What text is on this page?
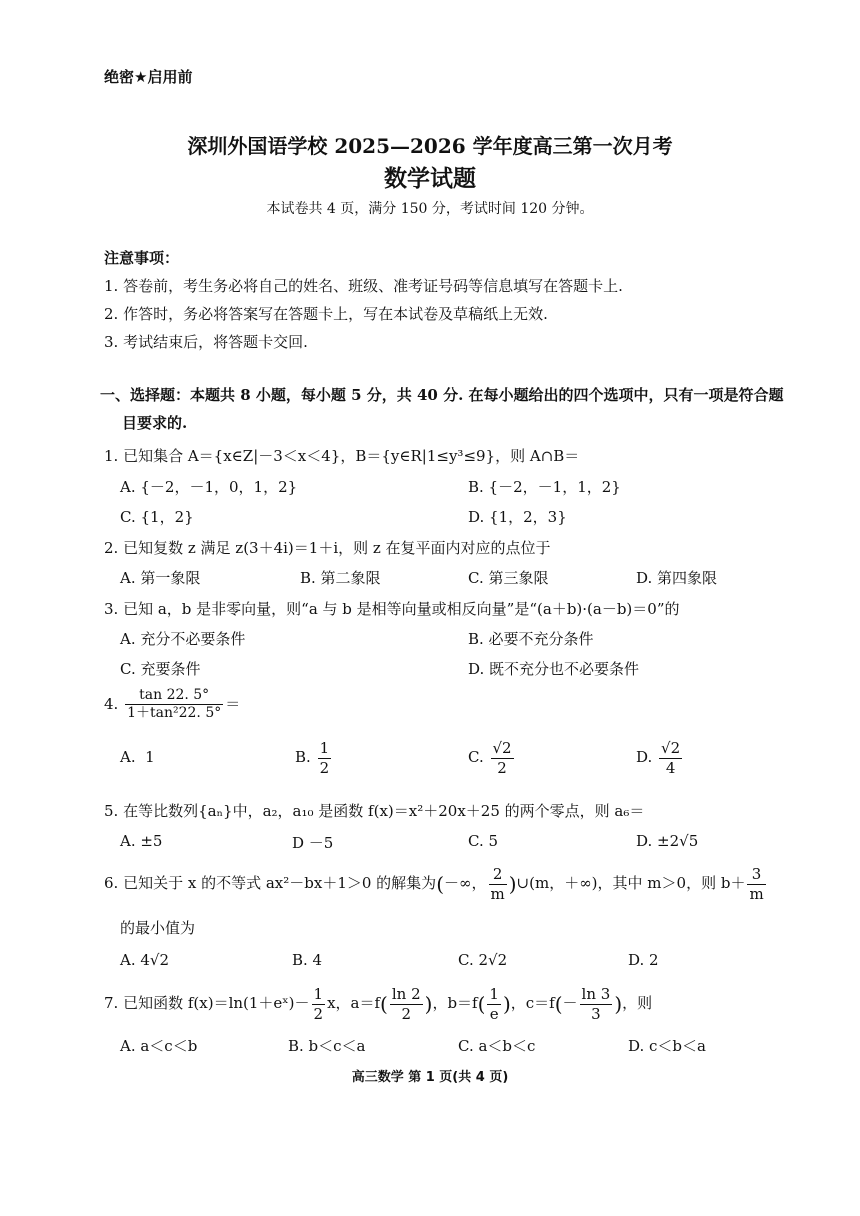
绝密★启用前
深圳外国语学校 2025—2026 学年度高三第一次月考
数学试题
本试卷共 4 页，满分 150 分，考试时间 120 分钟。
注意事项：
1. 答卷前，考生务必将自己的姓名、班级、准考证号码等信息填写在答题卡上.
2. 作答时，务必将答案写在答题卡上，写在本试卷及草稿纸上无效.
3. 考试结束后，将答题卡交回.
一、选择题：本题共 8 小题，每小题 5 分，共 40 分. 在每小题给出的四个选项中，只有一项是符合题
目要求的.
1. 已知集合 A＝{x∈Z|－3＜x＜4}，B＝{y∈R|1≤y³≤9}，则 A∩B＝
A. {－2，－1，0，1，2}	B. {－2，－1，1，2}
C. {1，2}	D. {1，2，3}
2. 已知复数 z 满足 z(3＋4i)＝1＋i，则 z 在复平面内对应的点位于
A. 第一象限	B. 第二象限	C. 第三象限	D. 第四象限
3. 已知 a，b 是非零向量，则“a 与 b 是相等向量或相反向量”是“(a＋b)·(a－b)＝0”的
A. 充分不必要条件	B. 必要不充分条件
C. 充要条件	D. 既不充分也不必要条件
4. $\frac{\tan 22. 5^\circ}{\text{1＋tan²22. 5°}}$ ＝
A. 1	B. $\frac{1}{2}$	C. $\frac{√2}{2}$	D. $\frac{√2}{4}$
5. 在等比数列{aₙ}中，a₂，a₁₀ 是函数 f(x)＝x²＋20x＋25 的两个零点，则 a₆＝
A. ±5	D －5	C. 5	D. ±2√5
6. 已知关于 x 的不等式 ax²－bx＋1＞0 的解集为(－∞， $\frac{2}{m}$ )∪(m，＋∞)，其中 m＞0，则 $b+ \frac{3}{m}$
的最小值为
A. 4√2	B. 4	C. 2√2	D. 2
7. 已知函数 f(x)＝ln(1＋eˣ)－ $\frac{1}{2}$ x，$a=f( \frac{\ln 2}{2}$ )，$b=f( \frac{1}{e}$ )，$c=f(- \frac{\ln 3}{3}$ )，则
A. a＜c＜b	B. b＜c＜a	C. a＜b＜c	D. c＜b＜a
高三数学 第 1 页(共 4 页)
